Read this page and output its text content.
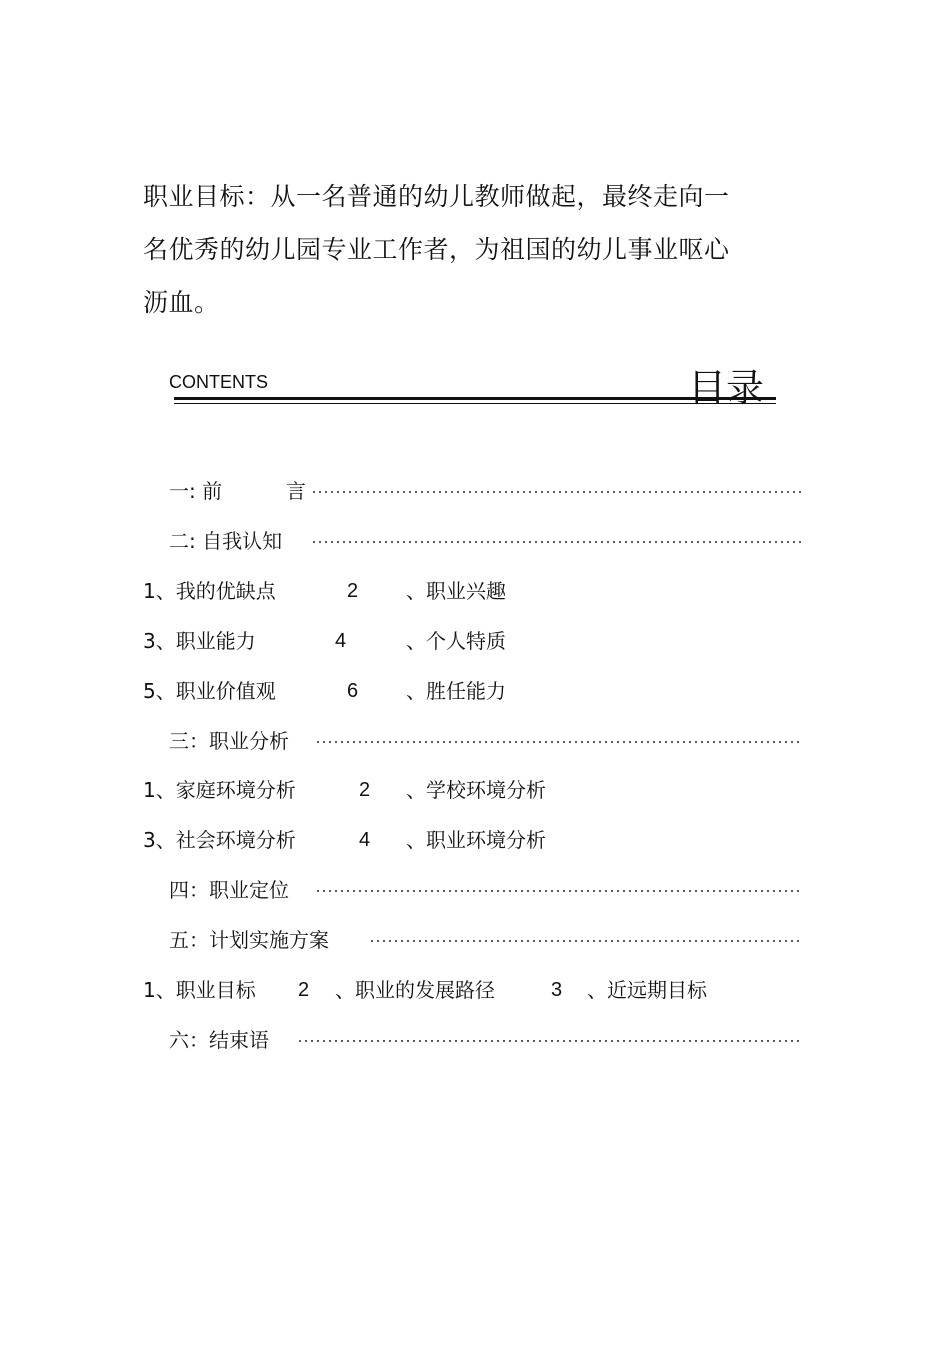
职业目标：从一名普通的幼儿教师做起，最终走向一
名优秀的幼儿园专业工作者，为祖国的幼儿事业呕心
沥血。
CONTENTS	目录
一: 前	言
二: 自我认知
1、我的优缺点	2 、职业兴趣
3、职业能力	4	、个人特质
5、职业价值观	6 、胜任能力
三：职业分析
1、家庭环境分析	2 、学校环境分析
3、社会环境分析	4 、职业环境分析
四：职业定位
五：计划实施方案
1、职业目标 2 、职业的发展路径	3 、近远期目标
六：结束语
